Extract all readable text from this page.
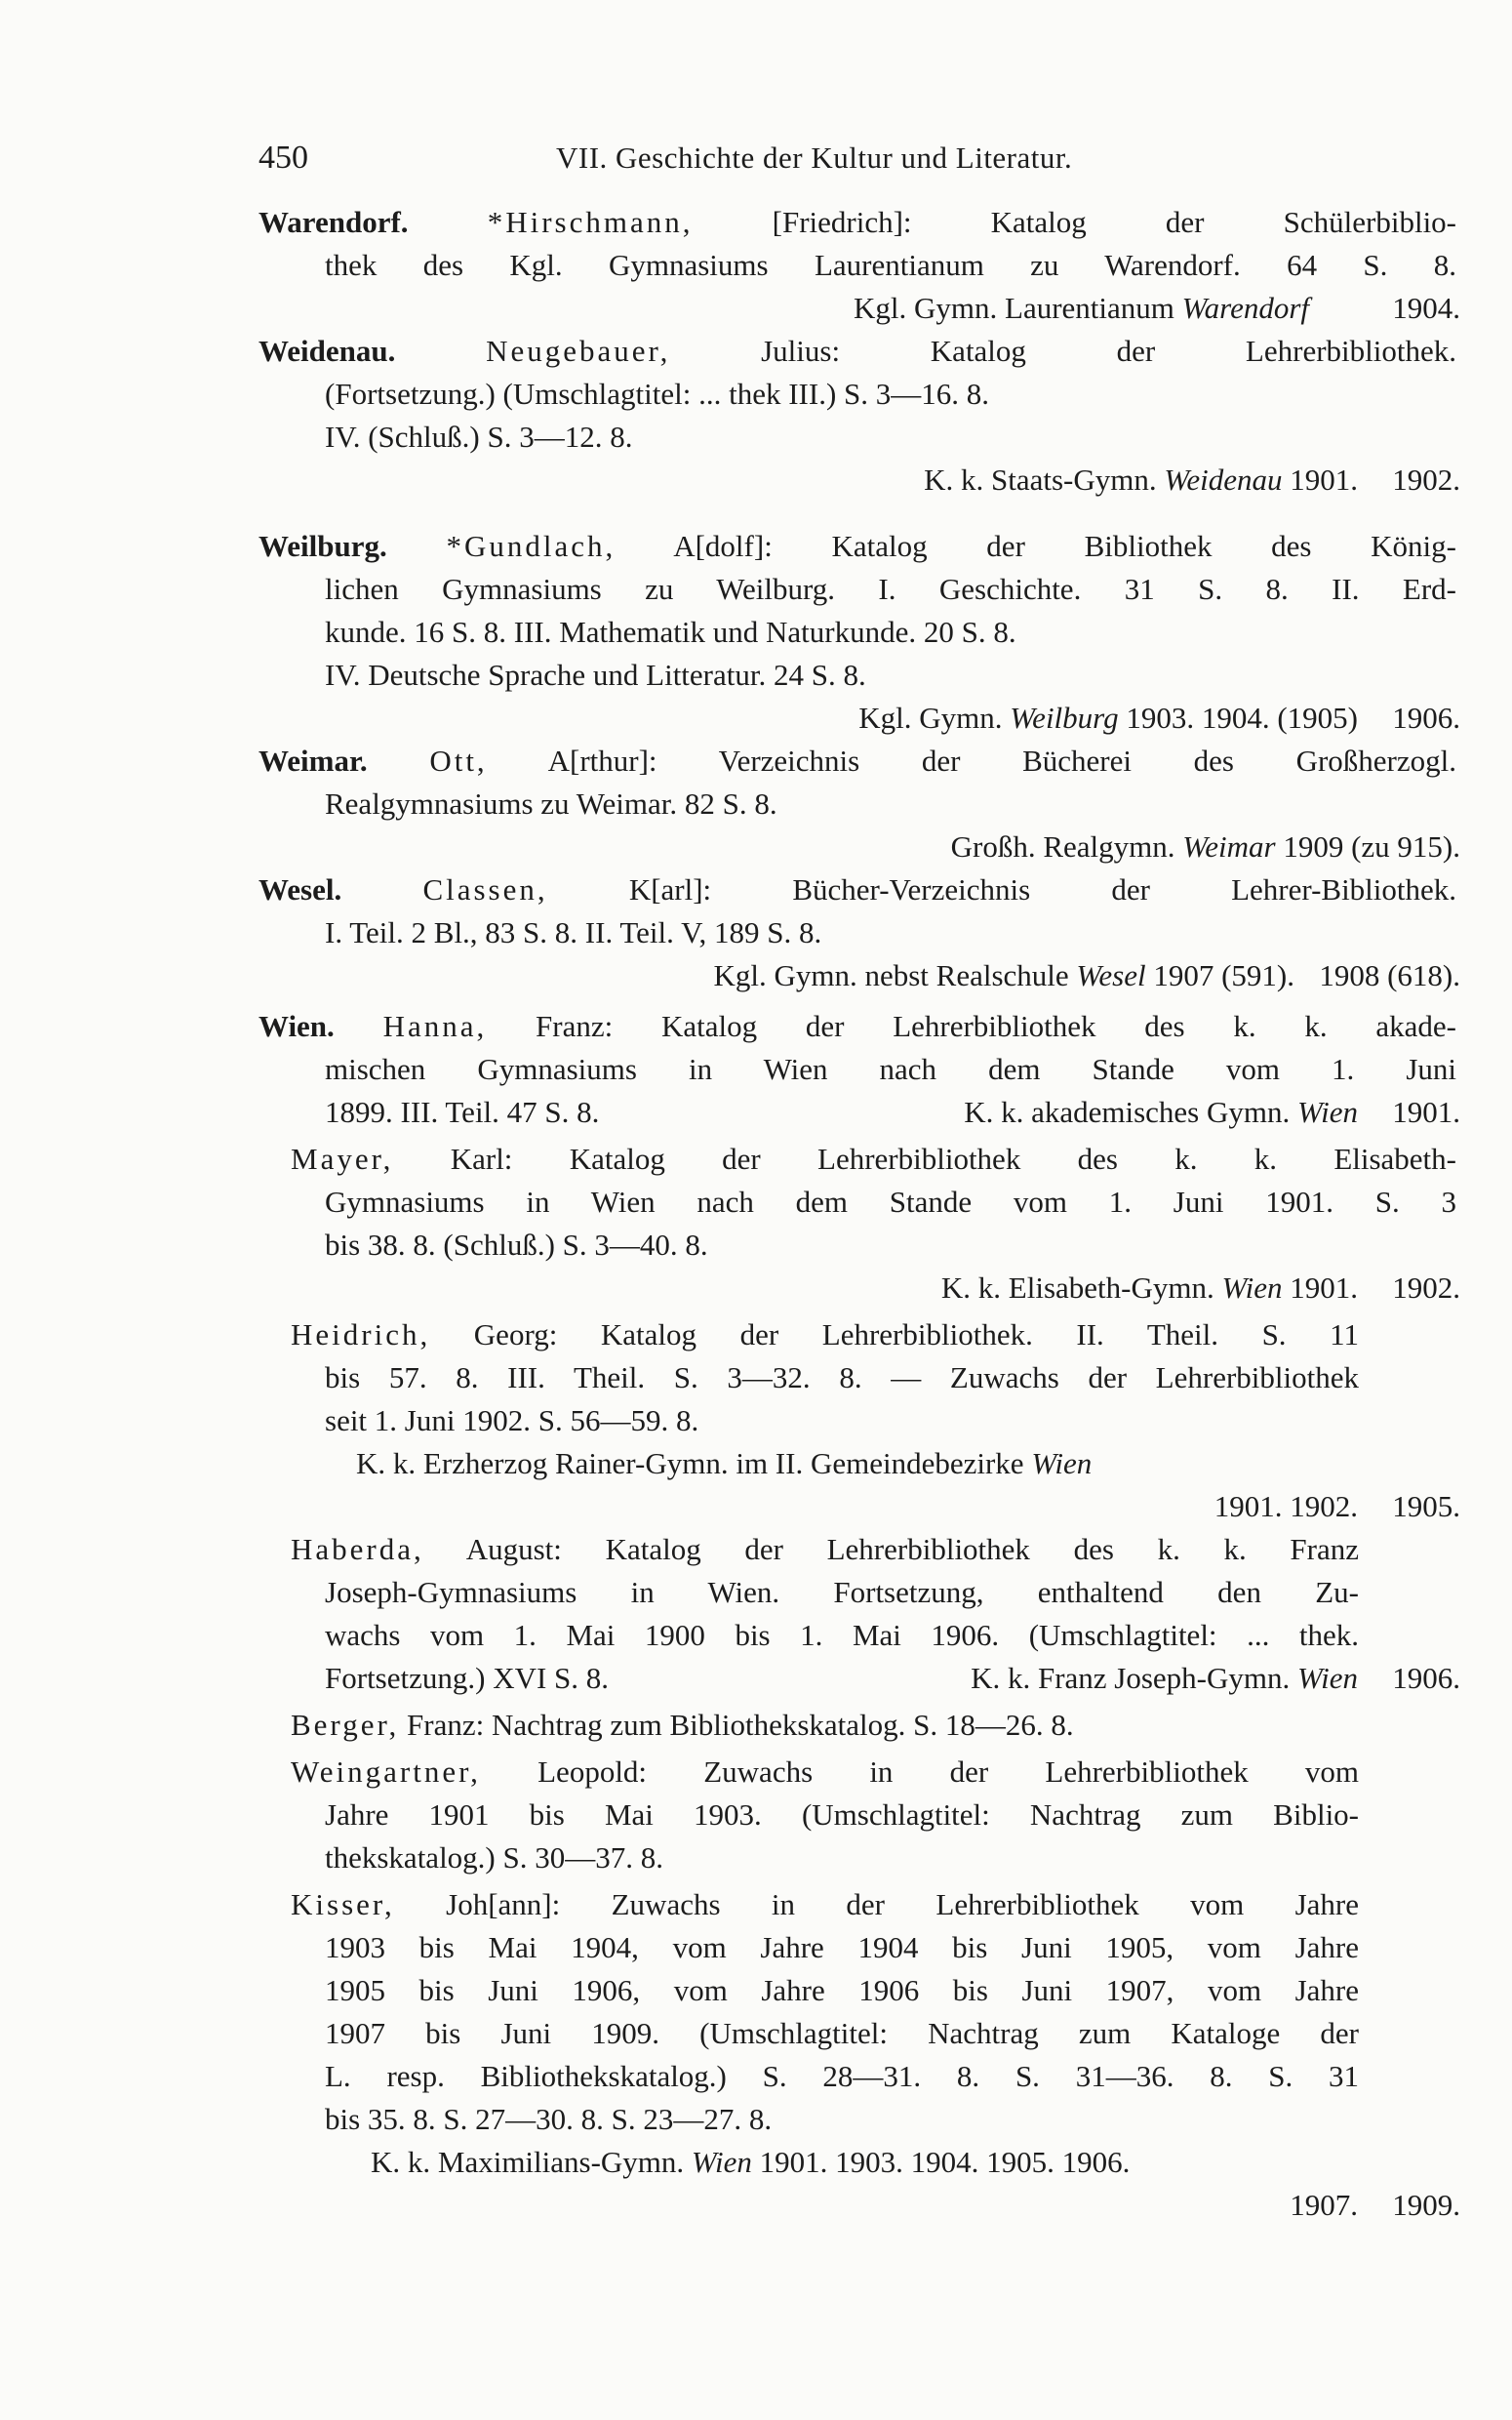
450	VII. Geschichte der Kultur und Literatur.
Warendorf.	*Hirschmann,	[Friedrich]: Katalog der Schülerbiblio-
thek des Kgl. Gymnasiums Laurentianum zu Warendorf. 64 S. 8.
Kgl. Gymn. Laurentianum Warendorf	1904.
Weidenau.	Neugebauer,	Julius: Katalog der Lehrerbibliothek.
(Fortsetzung.) (Umschlagtitel: ... thek III.) S. 3—16. 8.
IV. (Schluß.) S. 3—12. 8.
K. k. Staats-Gymn. Weidenau 1901. 1902.
Weilburg. *Gundlach, A[dolf]: Katalog der Bibliothek des König-
lichen Gymnasiums zu Weilburg. I. Geschichte. 31 S. 8. II. Erd-
kunde. 16 S. 8. III. Mathematik und Naturkunde. 20 S. 8.
IV. Deutsche Sprache und Litteratur. 24 S. 8.
Kgl. Gymn. Weilburg 1903. 1904. (1905) 1906.
Weimar. Ott, A[rthur]: Verzeichnis der Bücherei des Großherzogl.
Realgymnasiums zu Weimar. 82 S. 8.
Großh. Realgymn. Weimar 1909 (zu 915).
Wesel.	Classen,	K[arl]: Bücher-Verzeichnis der Lehrer-Bibliothek.
I. Teil. 2 Bl., 83 S. 8. II. Teil. V, 189 S. 8.
Kgl. Gymn. nebst Realschule Wesel 1907 (591). 1908 (618).
Wien. Hanna, Franz: Katalog der Lehrerbibliothek des k. k. akade-
mischen Gymnasiums in Wien nach dem Stande vom 1. Juni
1899. III. Teil. 47 S. 8.	K. k. akademisches Gymn. Wien 1901.
Mayer, Karl: Katalog der Lehrerbibliothek des k. k. Elisabeth-
Gymnasiums in Wien nach dem Stande vom 1. Juni 1901. S. 3
bis 38. 8. (Schluß.) S. 3—40. 8.
K. k. Elisabeth-Gymn. Wien 1901. 1902.
Heidrich, Georg: Katalog der Lehrerbibliothek. II. Theil. S. 11
bis 57. 8. III. Theil. S. 3—32. 8. — Zuwachs der Lehrerbibliothek
seit 1. Juni 1902. S. 56—59. 8.
K. k. Erzherzog Rainer-Gymn. im II. Gemeindebezirke Wien
1901. 1902. 1905.
Haberda, August: Katalog der Lehrerbibliothek des k. k. Franz
Joseph-Gymnasiums in Wien. Fortsetzung, enthaltend den Zu-
wachs vom 1. Mai 1900 bis 1. Mai 1906. (Umschlagtitel: ... thek.
Fortsetzung.) XVI S. 8.	K. k. Franz Joseph-Gymn. Wien 1906.
Berger, Franz: Nachtrag zum Bibliothekskatalog. S. 18—26. 8.
Weingartner, Leopold: Zuwachs in der Lehrerbibliothek vom
Jahre 1901 bis Mai 1903. (Umschlagtitel: Nachtrag zum Biblio-
thekskatalog.) S. 30—37. 8.
Kisser, Joh[ann]: Zuwachs in der Lehrerbibliothek vom Jahre
1903 bis Mai 1904, vom Jahre 1904 bis Juni 1905, vom Jahre
1905 bis Juni 1906, vom Jahre 1906 bis Juni 1907, vom Jahre
1907 bis Juni 1909. (Umschlagtitel: Nachtrag zum Kataloge der
L. resp. Bibliothekskatalog.) S. 28—31. 8. S. 31—36. 8. S. 31
bis 35. 8. S. 27—30. 8. S. 23—27. 8.
K. k. Maximilians-Gymn. Wien 1901. 1903. 1904. 1905. 1906.
1907. 1909.
